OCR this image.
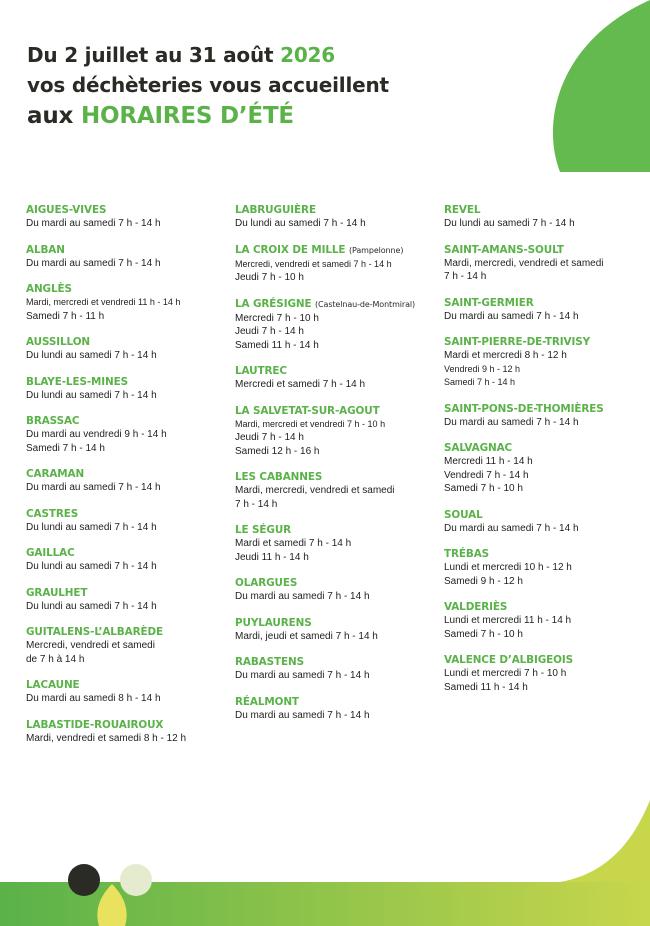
Du 2 juillet au 31 août 2026
vos déchèteries vous accueillent
aux HORAIRES D’ÉTÉ
AIGUES-VIVES
Du mardi au samedi 7 h - 14 h
ALBAN
Du mardi au samedi 7 h - 14 h
ANGLÈS
Mardi, mercredi et vendredi 11 h - 14 h
Samedi 7 h - 11 h
AUSSILLON
Du lundi au samedi 7 h - 14 h
BLAYE-LES-MINES
Du lundi au samedi 7 h - 14 h
BRASSAC
Du mardi au vendredi 9 h - 14 h
Samedi 7 h - 14 h
CARAMAN
Du mardi au samedi 7 h - 14 h
CASTRES
Du lundi au samedi 7 h - 14 h
GAILLAC
Du lundi au samedi 7 h - 14 h
GRAULHET
Du lundi au samedi 7 h - 14 h
GUITALENS-L’ALBARÈDE
Mercredi, vendredi et samedi
de 7 h à 14 h
LACAUNE
Du mardi au samedi 8 h - 14 h
LABASTIDE-ROUAIROUX
Mardi, vendredi et samedi 8 h - 12 h
LABRUGUIÈRE
Du lundi au samedi 7 h - 14 h
LA CROIX DE MILLE (Pampelonne)
Mercredi, vendredi et samedi 7 h - 14 h
Jeudi 7 h - 10 h
LA GRÉSIGNE (Castelnau-de-Montmiral)
Mercredi 7 h - 10 h
Jeudi 7 h - 14 h
Samedi 11 h - 14 h
LAUTREC
Mercredi et samedi 7 h - 14 h
LA SALVETAT-SUR-AGOUT
Mardi, mercredi et vendredi 7 h - 10 h
Jeudi 7 h - 14 h
Samedi 12 h - 16 h
LES CABANNES
Mardi, mercredi, vendredi et samedi
7 h - 14 h
LE SÉGUR
Mardi et samedi 7 h - 14 h
Jeudi 11 h - 14 h
OLARGUES
Du mardi au samedi 7 h - 14 h
PUYLAURENS
Mardi, jeudi et samedi 7 h - 14 h
RABASTENS
Du mardi au samedi 7 h - 14 h
RÉALMONT
Du mardi au samedi 7 h - 14 h
REVEL
Du lundi au samedi 7 h - 14 h
SAINT-AMANS-SOULT
Mardi, mercredi, vendredi et samedi
7 h - 14 h
SAINT-GERMIER
Du mardi au samedi 7 h - 14 h
SAINT-PIERRE-DE-TRIVISY
Mardi et mercredi 8 h - 12 h
Vendredi 9 h - 12 h
Samedi 7 h - 14 h
SAINT-PONS-DE-THOMIÈRES
Du mardi au samedi 7 h - 14 h
SALVAGNAC
Mercredi 11 h - 14 h
Vendredi 7 h - 14 h
Samedi 7 h - 10 h
SOUAL
Du mardi au samedi 7 h - 14 h
TRÉBAS
Lundi et mercredi 10 h - 12 h
Samedi 9 h - 12 h
VALDERIÈS
Lundi et mercredi 11 h - 14 h
Samedi 7 h - 10 h
VALENCE D’ALBIGEOIS
Lundi et mercredi 7 h - 10 h
Samedi 11 h - 14 h
